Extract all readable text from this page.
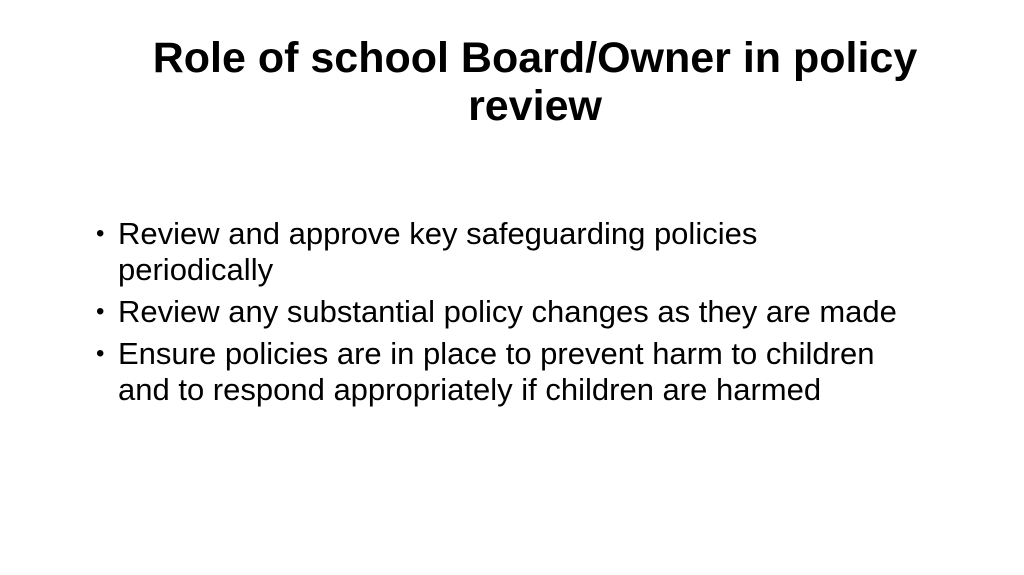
Role of school Board/Owner in policy review
• Review and approve key safeguarding policies periodically
• Review any substantial policy changes as they are made
• Ensure policies are in place to prevent harm to children and to respond appropriately if children are harmed
